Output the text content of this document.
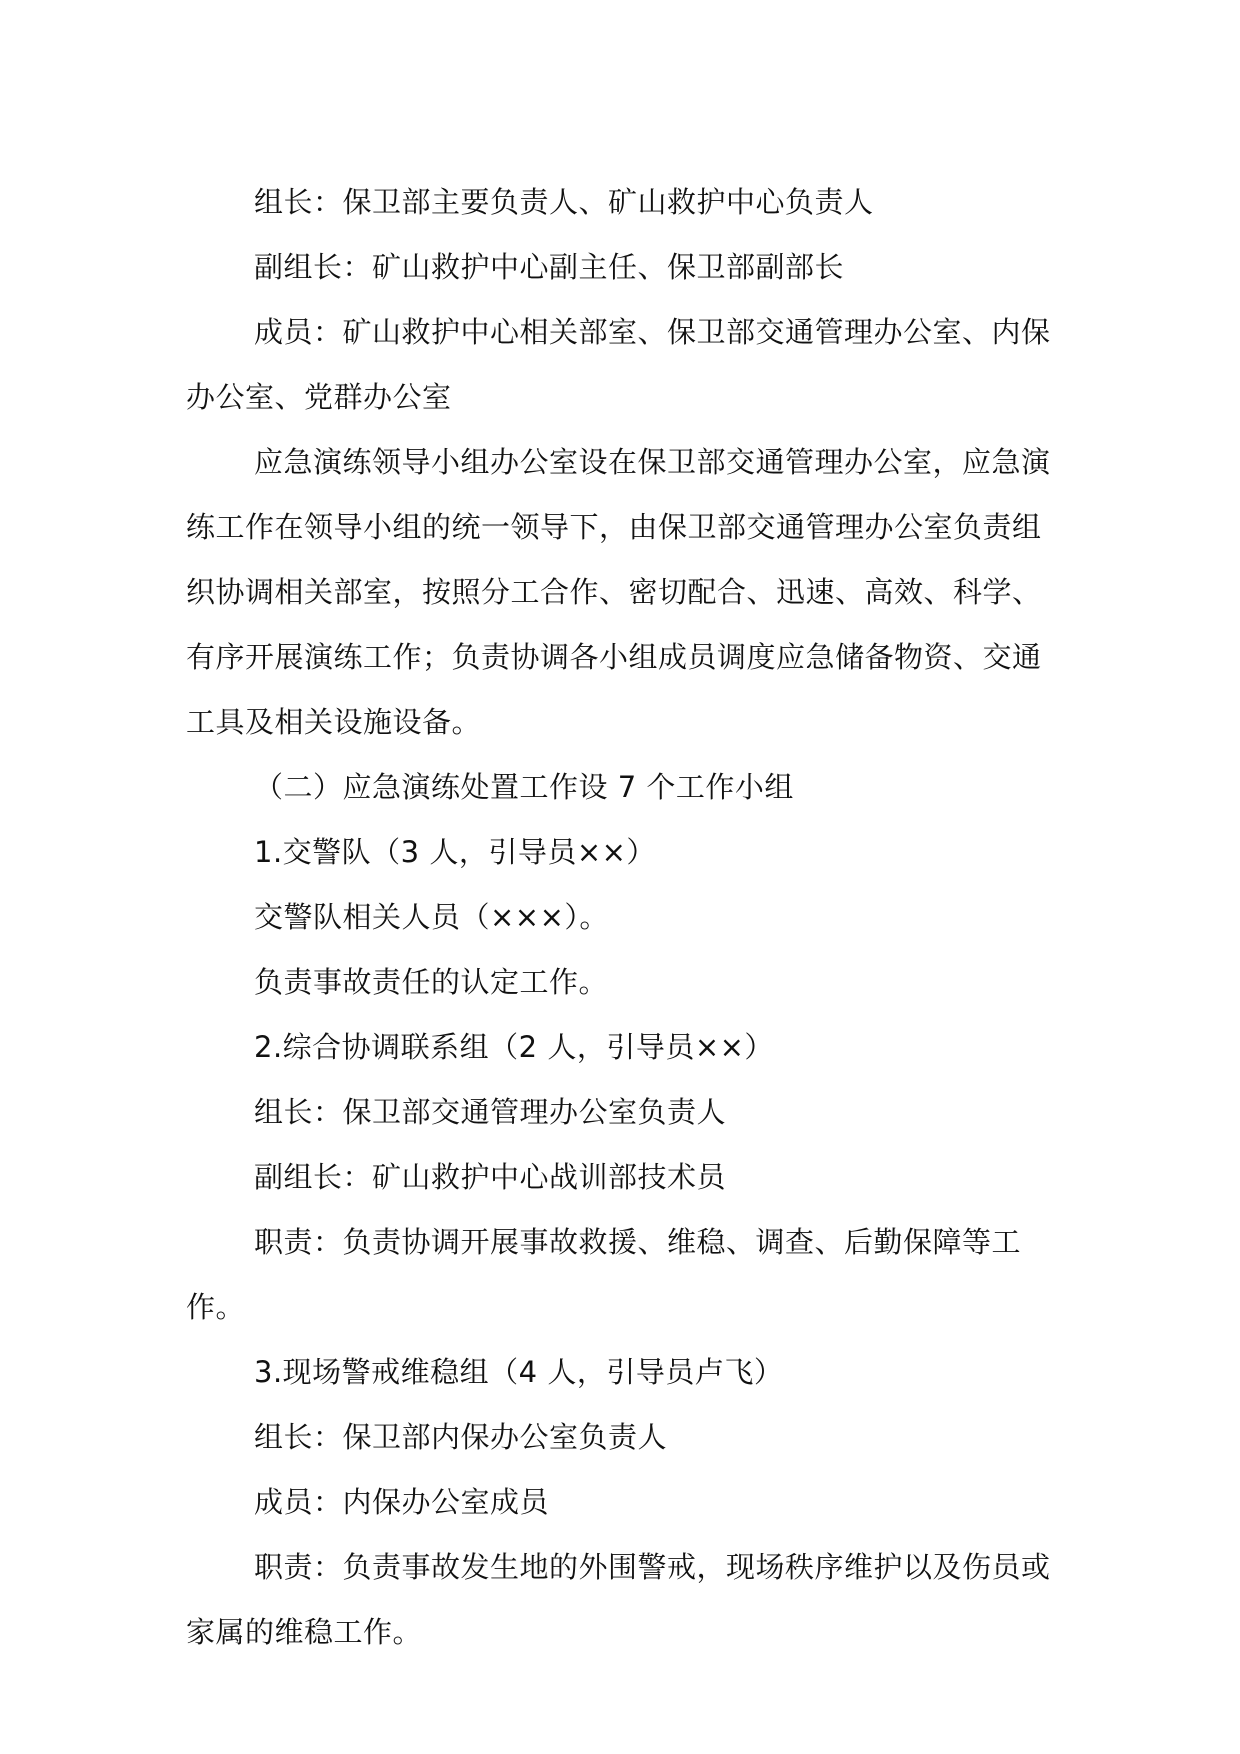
组长：保卫部主要负责人、矿山救护中心负责人

副组长：矿山救护中心副主任、保卫部副部长

成员：矿山救护中心相关部室、保卫部交通管理办公室、内保办公室、党群办公室

应急演练领导小组办公室设在保卫部交通管理办公室，应急演练工作在领导小组的统一领导下，由保卫部交通管理办公室负责组织协调相关部室，按照分工合作、密切配合、迅速、高效、科学、有序开展演练工作；负责协调各小组成员调度应急储备物资、交通工具及相关设施设备。

（二）应急演练处置工作设 7 个工作小组

1.交警队（3 人，引导员××）

交警队相关人员（×××）。

负责事故责任的认定工作。

2.综合协调联系组（2 人，引导员××）

组长：保卫部交通管理办公室负责人

副组长：矿山救护中心战训部技术员

职责：负责协调开展事故救援、维稳、调查、后勤保障等工作。

3.现场警戒维稳组（4 人，引导员卢飞）

组长：保卫部内保办公室负责人

成员：内保办公室成员

职责：负责事故发生地的外围警戒，现场秩序维护以及伤员或家属的维稳工作。
